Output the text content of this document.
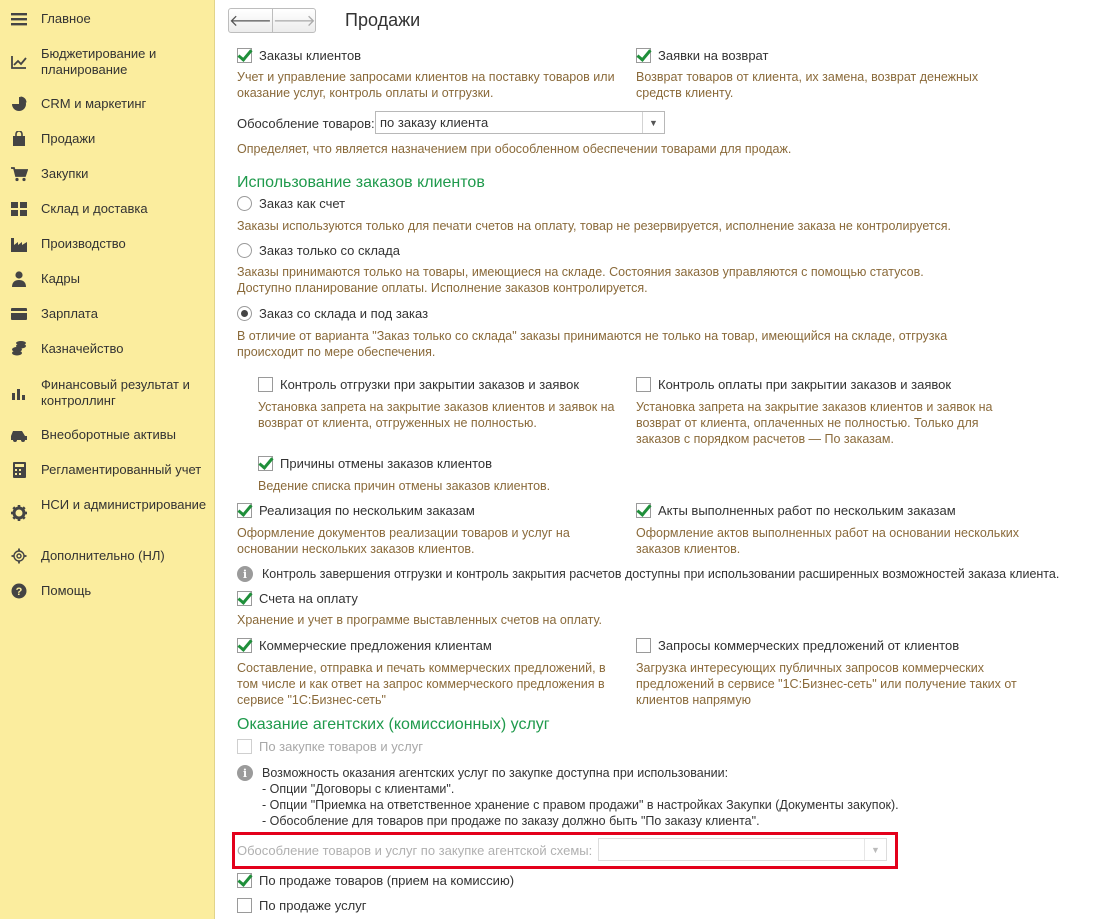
Главное
Бюджетирование и планирование
CRM и маркетинг
Продажи
Закупки
Склад и доставка
Производство
Кадры
Зарплата
Казначейство
Финансовый результат и контроллинг
Внеоборотные активы
Регламентированный учет
НСИ и администрирование
Дополнительно (НЛ)
? Помощь
🡐 🡒 Продажи
Заказы клиентов
Учет и управление запросами клиентов на поставку товаров или оказание услуг, контроль оплаты и отгрузки.
Заявки на возврат
Возврат товаров от клиента, их замена, возврат денежных средств клиенту.
Обособление товаров: по заказу клиента	▼
Определяет, что является назначением при обособленном обеспечении товарами для продаж.
Использование заказов клиентов
Заказ как счет
Заказы используются только для печати счетов на оплату, товар не резервируется, исполнение заказа не контролируется.
Заказ только со склада
Заказы принимаются только на товары, имеющиеся на складе. Состояния заказов управляются с помощью статусов. Доступно планирование оплаты. Исполнение заказов контролируется.
Заказ со склада и под заказ
В отличие от варианта "Заказ только со склада" заказы принимаются не только на товар, имеющийся на складе, отгрузка происходит по мере обеспечения.
Контроль отгрузки при закрытии заказов и заявок
Установка запрета на закрытие заказов клиентов и заявок на возврат от клиента, отгруженных не полностью.
Контроль оплаты при закрытии заказов и заявок
Установка запрета на закрытие заказов клиентов и заявок на возврат от клиента, оплаченных не полностью. Только для заказов с порядком расчетов — По заказам.
Причины отмены заказов клиентов
Ведение списка причин отмены заказов клиентов.
Реализация по нескольким заказам
Оформление документов реализации товаров и услуг на основании нескольких заказов клиентов.
Акты выполненных работ по нескольким заказам
Оформление актов выполненных работ на основании нескольких заказов клиентов.
i	Контроль завершения отгрузки и контроль закрытия расчетов доступны при использовании расширенных возможностей заказа клиента.
Счета на оплату
Хранение и учет в программе выставленных счетов на оплату.
Коммерческие предложения клиентам
Составление, отправка и печать коммерческих предложений, в том числе и как ответ на запрос коммерческого предложения в сервисе "1С:Бизнес-сеть"
Запросы коммерческих предложений от клиентов
Загрузка интересующих публичных запросов коммерческих предложений в сервисе "1С:Бизнес-сеть" или получение таких от клиентов напрямую
Оказание агентских (комиссионных) услуг
По закупке товаров и услуг
i	Возможность оказания агентских услуг по закупке доступна при использовании:
- Опции "Договоры с клиентами".
- Опции "Приемка на ответственное хранение с правом продажи" в настройках Закупки (Документы закупок).
- Обособление для товаров при продаже по заказу должно быть "По заказу клиента".
Обособление товаров и услуг по закупке агентской схемы:	▼
По продаже товаров (прием на комиссию)
По продаже услуг
